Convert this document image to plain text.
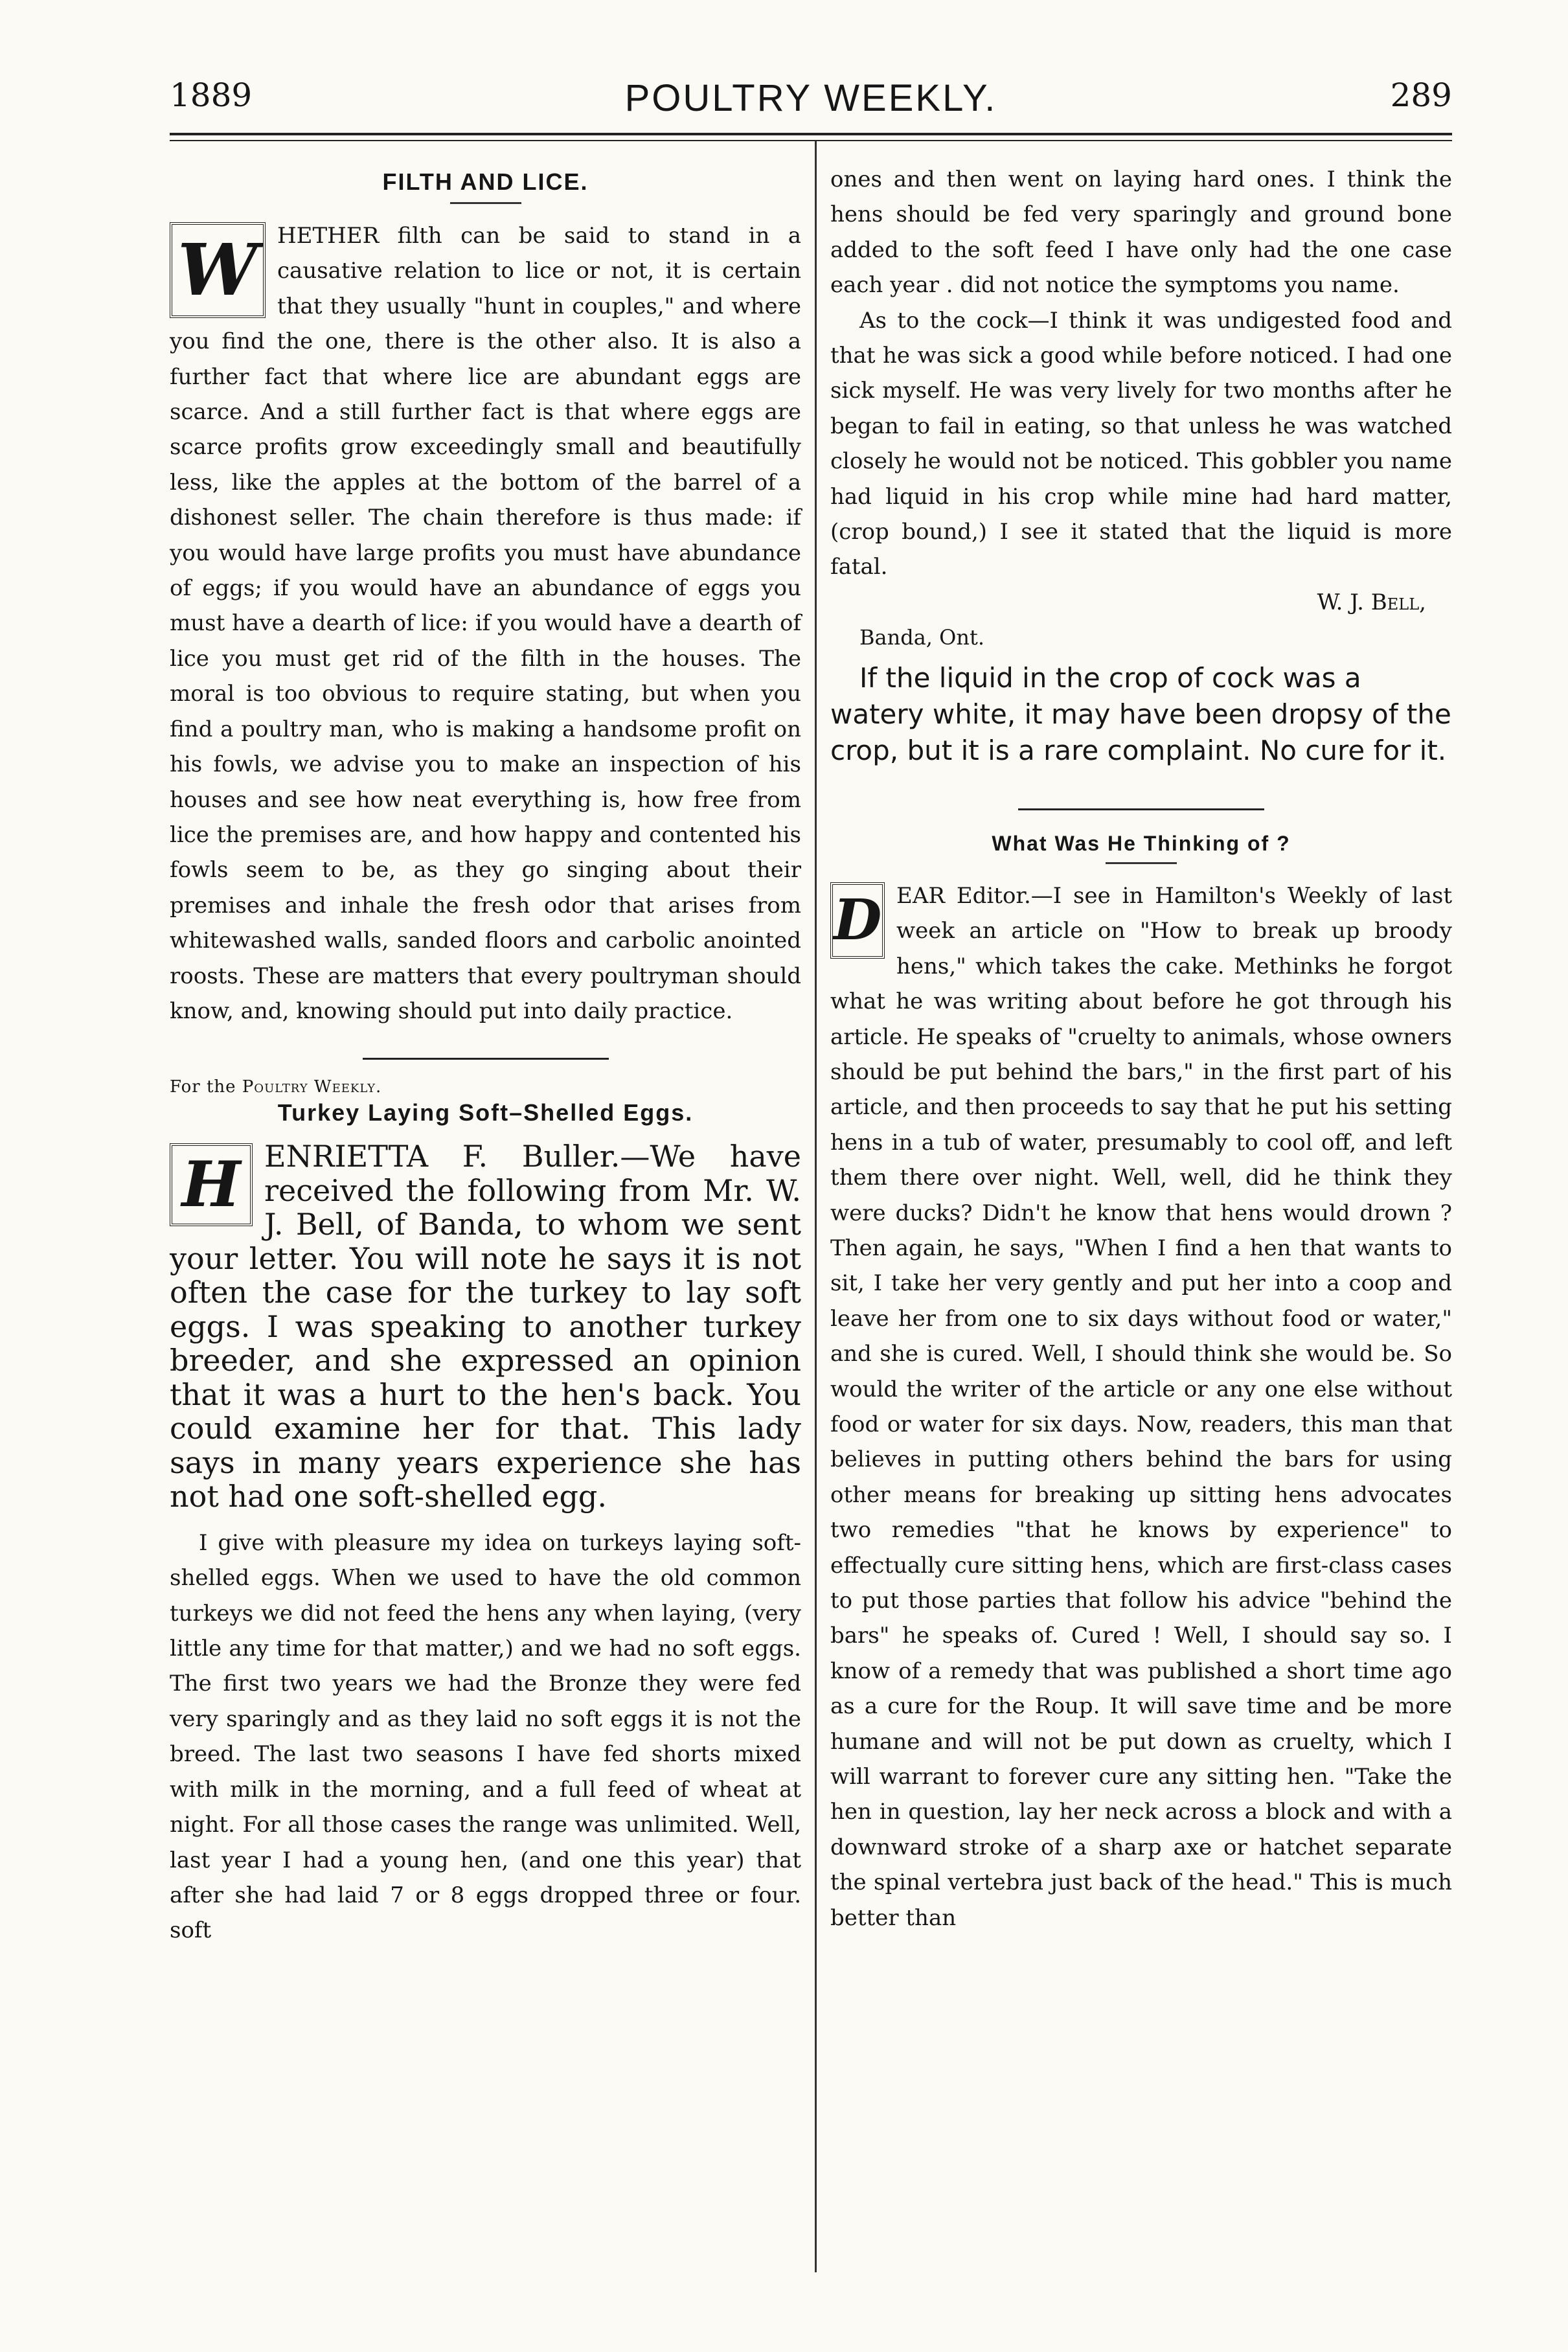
1889	POULTRY WEEKLY.	289
FILTH AND LICE.

W HETHER filth can be said to stand in a causative relation to lice or not, it is certain that they usually "hunt in couples," and where you find the one, there is the other also. It is also a further fact that where lice are abundant eggs are scarce. And a still further fact is that where eggs are scarce profits grow exceedingly small and beautifully less, like the apples at the bottom of the barrel of a dishonest seller. The chain therefore is thus made: if you would have large profits you must have abundance of eggs; if you would have an abundance of eggs you must have a dearth of lice: if you would have a dearth of lice you must get rid of the filth in the houses. The moral is too obvious to require stating, but when you find a poultry man, who is making a handsome profit on his fowls, we advise you to make an inspection of his houses and see how neat everything is, how free from lice the premises are, and how happy and contented his fowls seem to be, as they go singing about their premises and inhale the fresh odor that arises from whitewashed walls, sanded floors and carbolic anointed roosts. These are matters that every poultryman should know, and, knowing should put into daily practice.

For the Poultry Weekly.
Turkey Laying Soft–Shelled Eggs.

H ENRIETTA F. Buller.—We have received the following from Mr. W. J. Bell, of Banda, to whom we sent your letter. You will note he says it is not often the case for the turkey to lay soft eggs. I was speaking to another turkey breeder, and she expressed an opinion that it was a hurt to the hen's back. You could examine her for that. This lady says in many years experience she has not had one soft-shelled egg.

I give with pleasure my idea on turkeys laying soft-shelled eggs. When we used to have the old common turkeys we did not feed the hens any when laying, (very little any time for that matter,) and we had no soft eggs. The first two years we had the Bronze they were fed very sparingly and as they laid no soft eggs it is not the breed. The last two seasons I have fed shorts mixed with milk in the morning, and a full feed of wheat at night. For all those cases the range was unlimited. Well, last year I had a young hen, (and one this year) that after she had laid 7 or 8 eggs dropped three or four. soft

ones and then went on laying hard ones. I think the hens should be fed very sparingly and ground bone added to the soft feed I have only had the one case each year . did not notice the symptoms you name.

As to the cock—I think it was undigested food and that he was sick a good while before noticed. I had one sick myself. He was very lively for two months after he began to fail in eating, so that unless he was watched closely he would not be noticed. This gobbler you name had liquid in his crop while mine had hard matter, (crop bound,) I see it stated that the liquid is more fatal.

W. J. Bell,
Banda, Ont.

If the liquid in the crop of cock was a watery white, it may have been dropsy of the crop, but it is a rare complaint. No cure for it.

What Was He Thinking of ?

D EAR Editor.—I see in Hamilton's Weekly of last week an article on "How to break up broody hens," which takes the cake. Methinks he forgot what he was writing about before he got through his article. He speaks of "cruelty to animals, whose owners should be put behind the bars," in the first part of his article, and then proceeds to say that he put his setting hens in a tub of water, presumably to cool off, and left them there over night. Well, well, did he think they were ducks? Didn't he know that hens would drown ? Then again, he says, "When I find a hen that wants to sit, I take her very gently and put her into a coop and leave her from one to six days without food or water," and she is cured. Well, I should think she would be. So would the writer of the article or any one else without food or water for six days. Now, readers, this man that believes in putting others behind the bars for using other means for breaking up sitting hens advocates two remedies "that he knows by experience" to effectually cure sitting hens, which are first-class cases to put those parties that follow his advice "behind the bars" he speaks of. Cured ! Well, I should say so. I know of a remedy that was published a short time ago as a cure for the Roup. It will save time and be more humane and will not be put down as cruelty, which I will warrant to forever cure any sitting hen. "Take the hen in question, lay her neck across a block and with a downward stroke of a sharp axe or hatchet separate the spinal vertebra just back of the head." This is much better than
